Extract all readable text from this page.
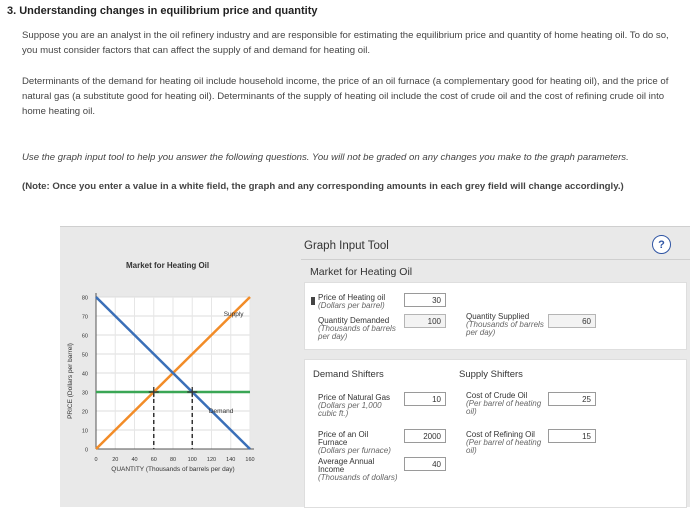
3. Understanding changes in equilibrium price and quantity
Suppose you are an analyst in the oil refinery industry and are responsible for estimating the equilibrium price and quantity of home heating oil. To do so, you must consider factors that can affect the supply of and demand for heating oil.
Determinants of the demand for heating oil include household income, the price of an oil furnace (a complementary good for heating oil), and the price of natural gas (a substitute good for heating oil). Determinants of the supply of heating oil include the cost of crude oil and the cost of refining crude oil into home heating oil.
Use the graph input tool to help you answer the following questions. You will not be graded on any changes you make to the graph parameters.
(Note: Once you enter a value in a white field, the graph and any corresponding amounts in each grey field will change accordingly.)
Market for Heating Oil
0
10
20
30
40
50
60
70
80
0	20 40 60 80 100 120 140 160
QUANTITY (Thousands of barrels per day)
PRICE (Dollars per barrel)
Supply
Demand
Graph Input Tool	?
Market for Heating Oil
Price of Heating oil
(Dollars per barrel)
30
Quantity Demanded
(Thousands of barrels per day)
100
Quantity Supplied
(Thousands of barrels per day)
60
Demand Shifters	Supply Shifters
Price of Natural Gas
(Dollars per 1,000 cubic ft.)
10
Price of an Oil Furnace
(Dollars per furnace)
2000
Average Annual Income
(Thousands of dollars)
40
Cost of Crude Oil
(Per barrel of heating oil)
25
Cost of Refining Oil
(Per barrel of heating oil)
15
